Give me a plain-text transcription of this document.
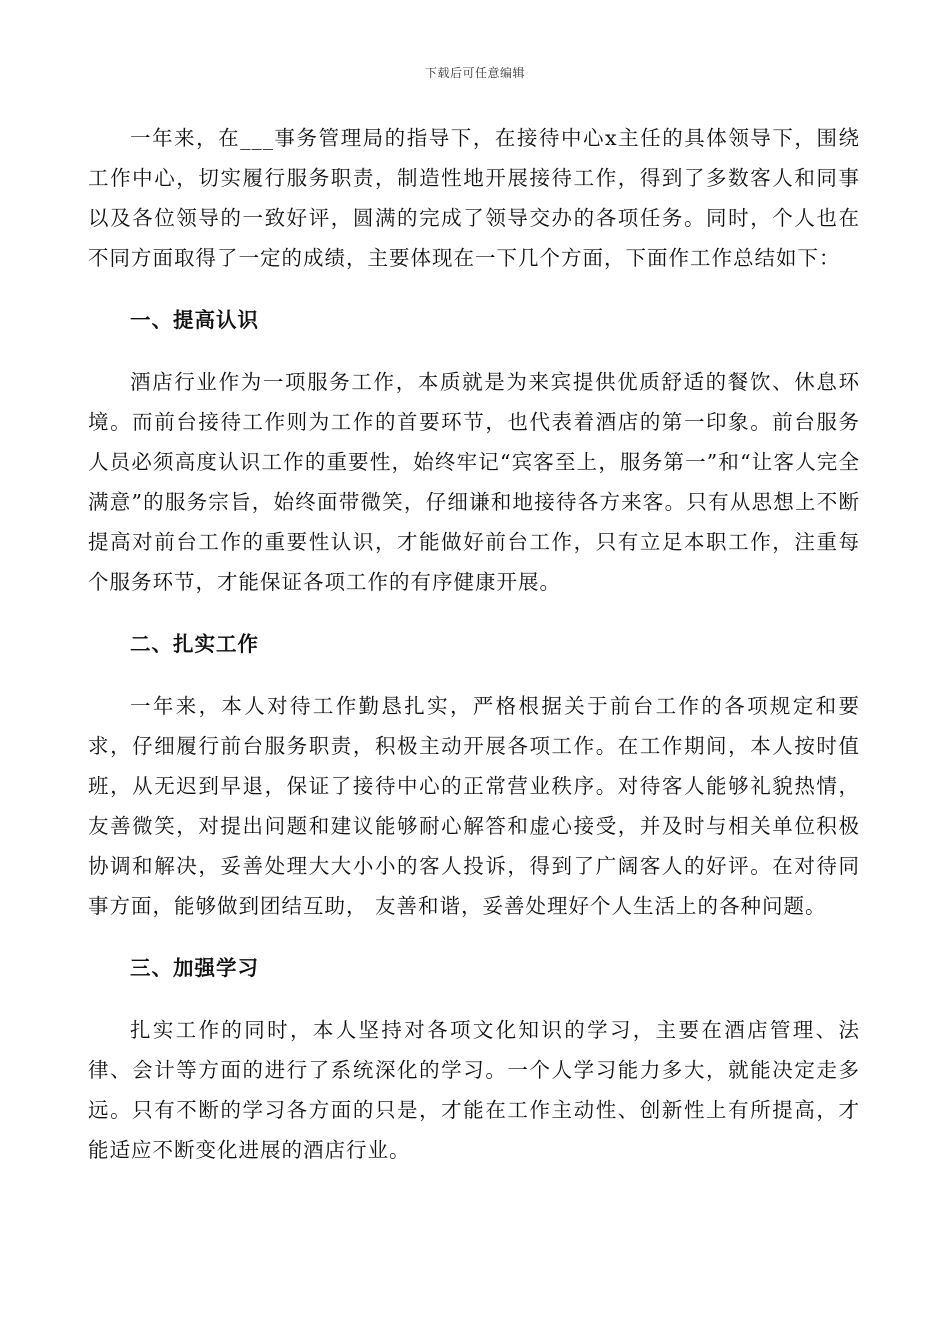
下载后可任意编辑

一年来，在___事务管理局的指导下，在接待中心x主任的具体领导下，围绕工作中心，切实履行服务职责，制造性地开展接待工作，得到了多数客人和同事以及各位领导的一致好评，圆满的完成了领导交办的各项任务。同时，个人也在不同方面取得了一定的成绩，主要体现在一下几个方面，下面作工作总结如下：

一、提高认识

酒店行业作为一项服务工作，本质就是为来宾提供优质舒适的餐饮、休息环境。而前台接待工作则为工作的首要环节，也代表着酒店的第一印象。前台服务人员必须高度认识工作的重要性，始终牢记“宾客至上，服务第一”和“让客人完全满意”的服务宗旨，始终面带微笑，仔细谦和地接待各方来客。只有从思想上不断提高对前台工作的重要性认识，才能做好前台工作，只有立足本职工作，注重每个服务环节，才能保证各项工作的有序健康开展。

二、扎实工作

一年来，本人对待工作勤恳扎实，严格根据关于前台工作的各项规定和要求，仔细履行前台服务职责，积极主动开展各项工作。在工作期间，本人按时值班，从无迟到早退，保证了接待中心的正常营业秩序。对待客人能够礼貌热情，友善微笑，对提出问题和建议能够耐心解答和虚心接受，并及时与相关单位积极协调和解决，妥善处理大大小小的客人投诉，得到了广阔客人的好评。在对待同事方面，能够做到团结互助， 友善和谐，妥善处理好个人生活上的各种问题。

三、加强学习

扎实工作的同时，本人坚持对各项文化知识的学习，主要在酒店管理、法律、会计等方面的进行了系统深化的学习。一个人学习能力多大，就能决定走多远。只有不断的学习各方面的只是，才能在工作主动性、创新性上有所提高，才能适应不断变化进展的酒店行业。
